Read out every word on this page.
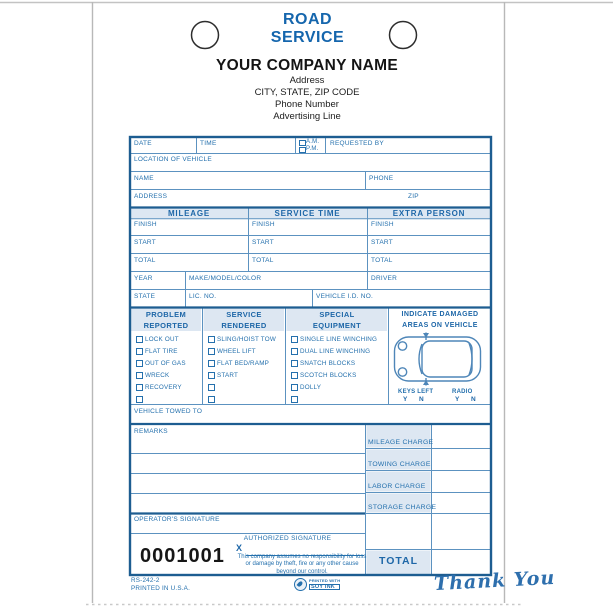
ROAD
SERVICE
YOUR COMPANY NAME
Address
CITY, STATE, ZIP CODE
Phone Number
Advertising Line
DATE	TIME	A.M.
P.M.
REQUESTED BY
LOCATION OF VEHICLE
NAME	PHONE
ADDRESS	ZIP
MILEAGE	SERVICE TIME	EXTRA PERSON
FINISH	FINISH	FINISH
START	START	START
TOTAL	TOTAL	TOTAL
YEAR	MAKE/MODEL/COLOR	DRIVER
STATE	LIC. NO.	VEHICLE I.D. NO.
PROBLEM
REPORTED
SERVICE
RENDERED
SPECIAL
EQUIPMENT
INDICATE DAMAGED
AREAS ON VEHICLE
LOCK OUT
FLAT TIRE
OUT OF GAS
WRECK
RECOVERY
SLING/HOIST TOW
WHEEL LIFT
FLAT BED/RAMP
START
SINGLE LINE WINCHING
DUAL LINE WINCHING
SNATCH BLOCKS
SCOTCH BLOCKS
DOLLY
KEYS LEFT
Y N
RADIO
Y N
VEHICLE TOWED TO
REMARKS
MILEAGE CHARGE
TOWING CHARGE
LABOR CHARGE
STORAGE CHARGE
TOTAL
OPERATOR'S SIGNATURE
AUTHORIZED SIGNATURE
X
0001001	This company assumes no responsibility for loss
or damage by theft, fire or any other cause
beyond our control.
RS-242-2
PRINTED IN U.S.A.
PRINTED WITH
SOY INK	Thank You
